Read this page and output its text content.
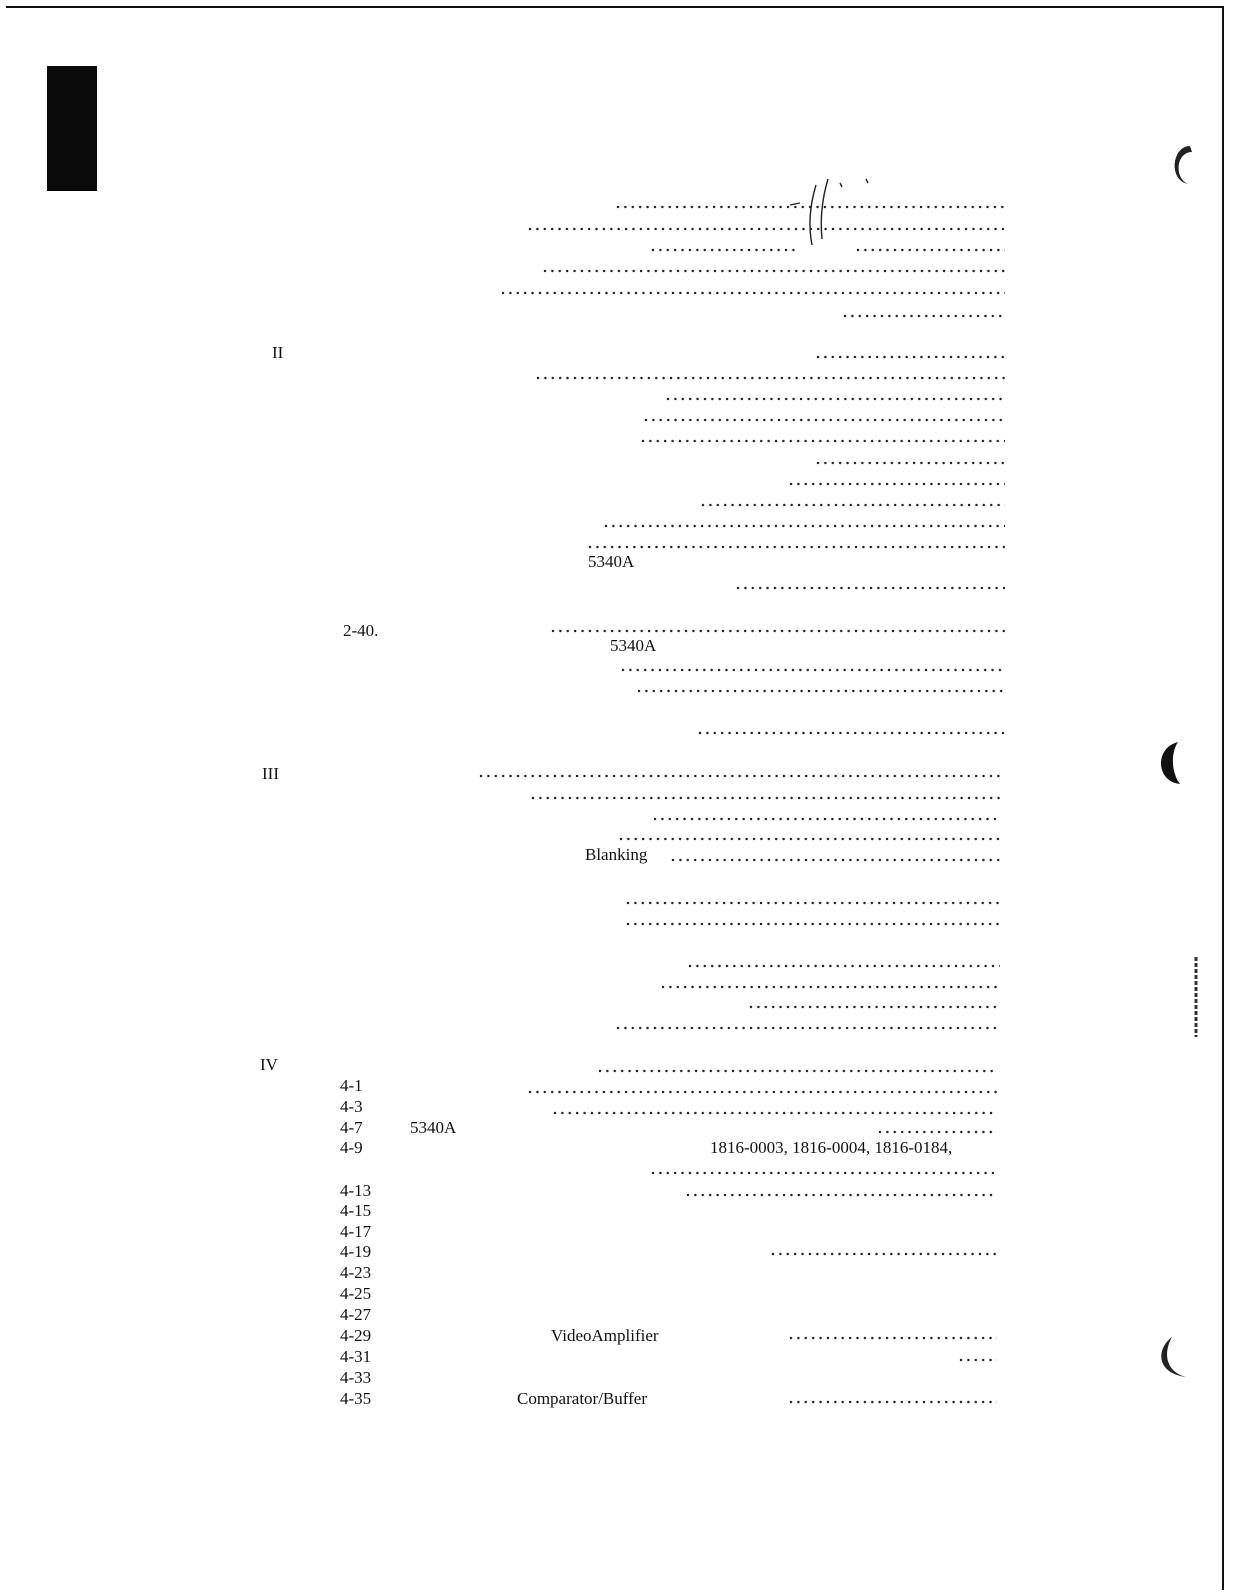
II
5340A
2-40.
5340A
III
Blanking
IV
4-1
4-3
4-7	5340A
4-9	1816-0003, 1816-0004, 1816-0184,
4-13
4-15
4-17
4-19
4-23
4-25
4-27
4-29	VideoAmplifier
4-31
4-33
4-35	Comparator/Buffer
